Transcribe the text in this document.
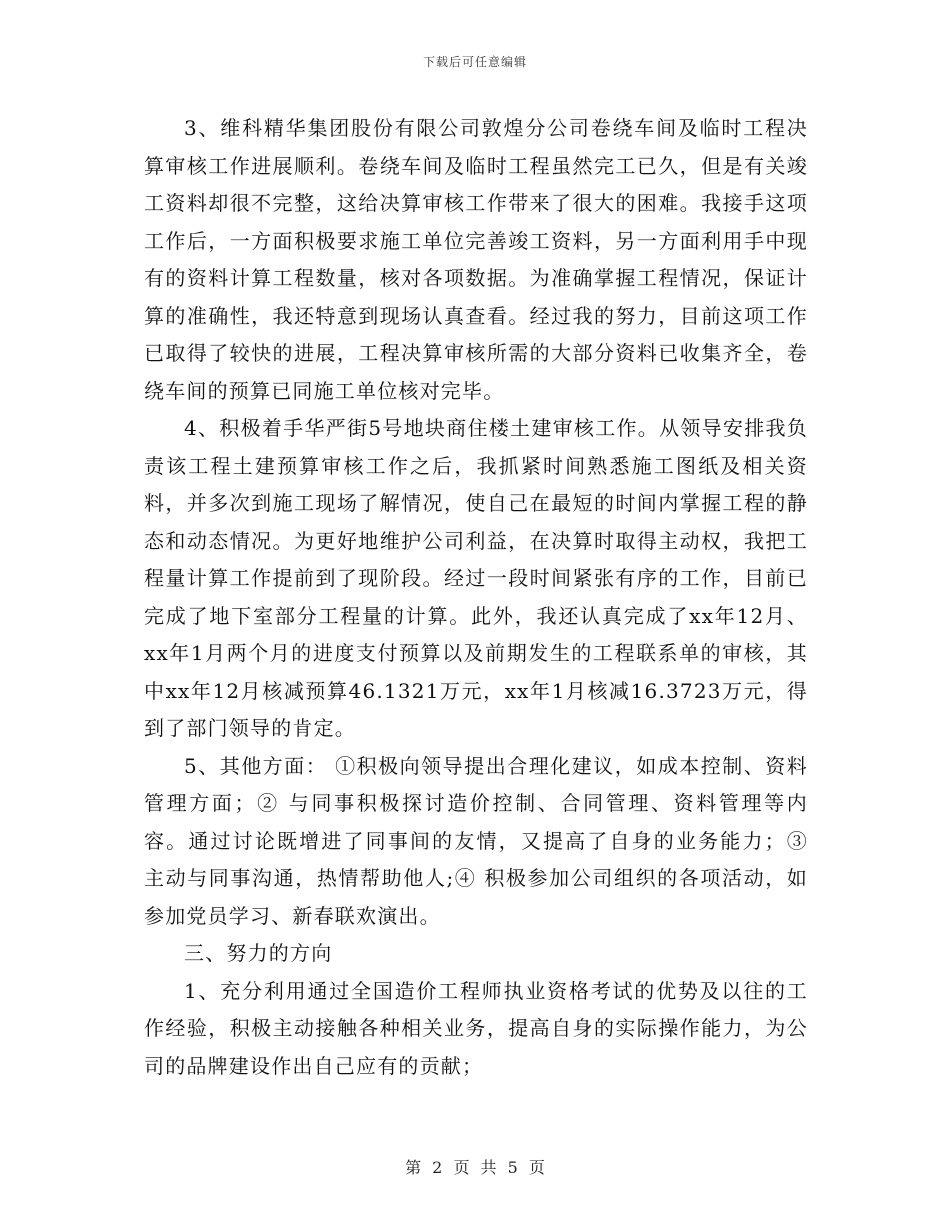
下载后可任意编辑

3、维科精华集团股份有限公司敦煌分公司卷绕车间及临时工程决算审核工作进展顺利。卷绕车间及临时工程虽然完工已久，但是有关竣工资料却很不完整，这给决算审核工作带来了很大的困难。我接手这项工作后，一方面积极要求施工单位完善竣工资料，另一方面利用手中现有的资料计算工程数量，核对各项数据。为准确掌握工程情况，保证计算的准确性，我还特意到现场认真查看。经过我的努力，目前这项工作已取得了较快的进展，工程决算审核所需的大部分资料已收集齐全，卷绕车间的预算已同施工单位核对完毕。

4、积极着手华严街5号地块商住楼土建审核工作。从领导安排我负责该工程土建预算审核工作之后，我抓紧时间熟悉施工图纸及相关资料，并多次到施工现场了解情况，使自己在最短的时间内掌握工程的静态和动态情况。为更好地维护公司利益，在决算时取得主动权，我把工程量计算工作提前到了现阶段。经过一段时间紧张有序的工作，目前已完成了地下室部分工程量的计算。此外，我还认真完成了xx年12月、xx年1月两个月的进度支付预算以及前期发生的工程联系单的审核，其中xx年12月核减预算46.1321万元，xx年1月核减16.3723万元，得到了部门领导的肯定。

5、其他方面： ①积极向领导提出合理化建议，如成本控制、资料管理方面；② 与同事积极探讨造价控制、合同管理、资料管理等内容。通过讨论既增进了同事间的友情，又提高了自身的业务能力；③ 主动与同事沟通，热情帮助他人;④ 积极参加公司组织的各项活动，如参加党员学习、新春联欢演出。

三、努力的方向

1、充分利用通过全国造价工程师执业资格考试的优势及以往的工作经验，积极主动接触各种相关业务，提高自身的实际操作能力，为公司的品牌建设作出自己应有的贡献；

第 2 页 共 5 页
